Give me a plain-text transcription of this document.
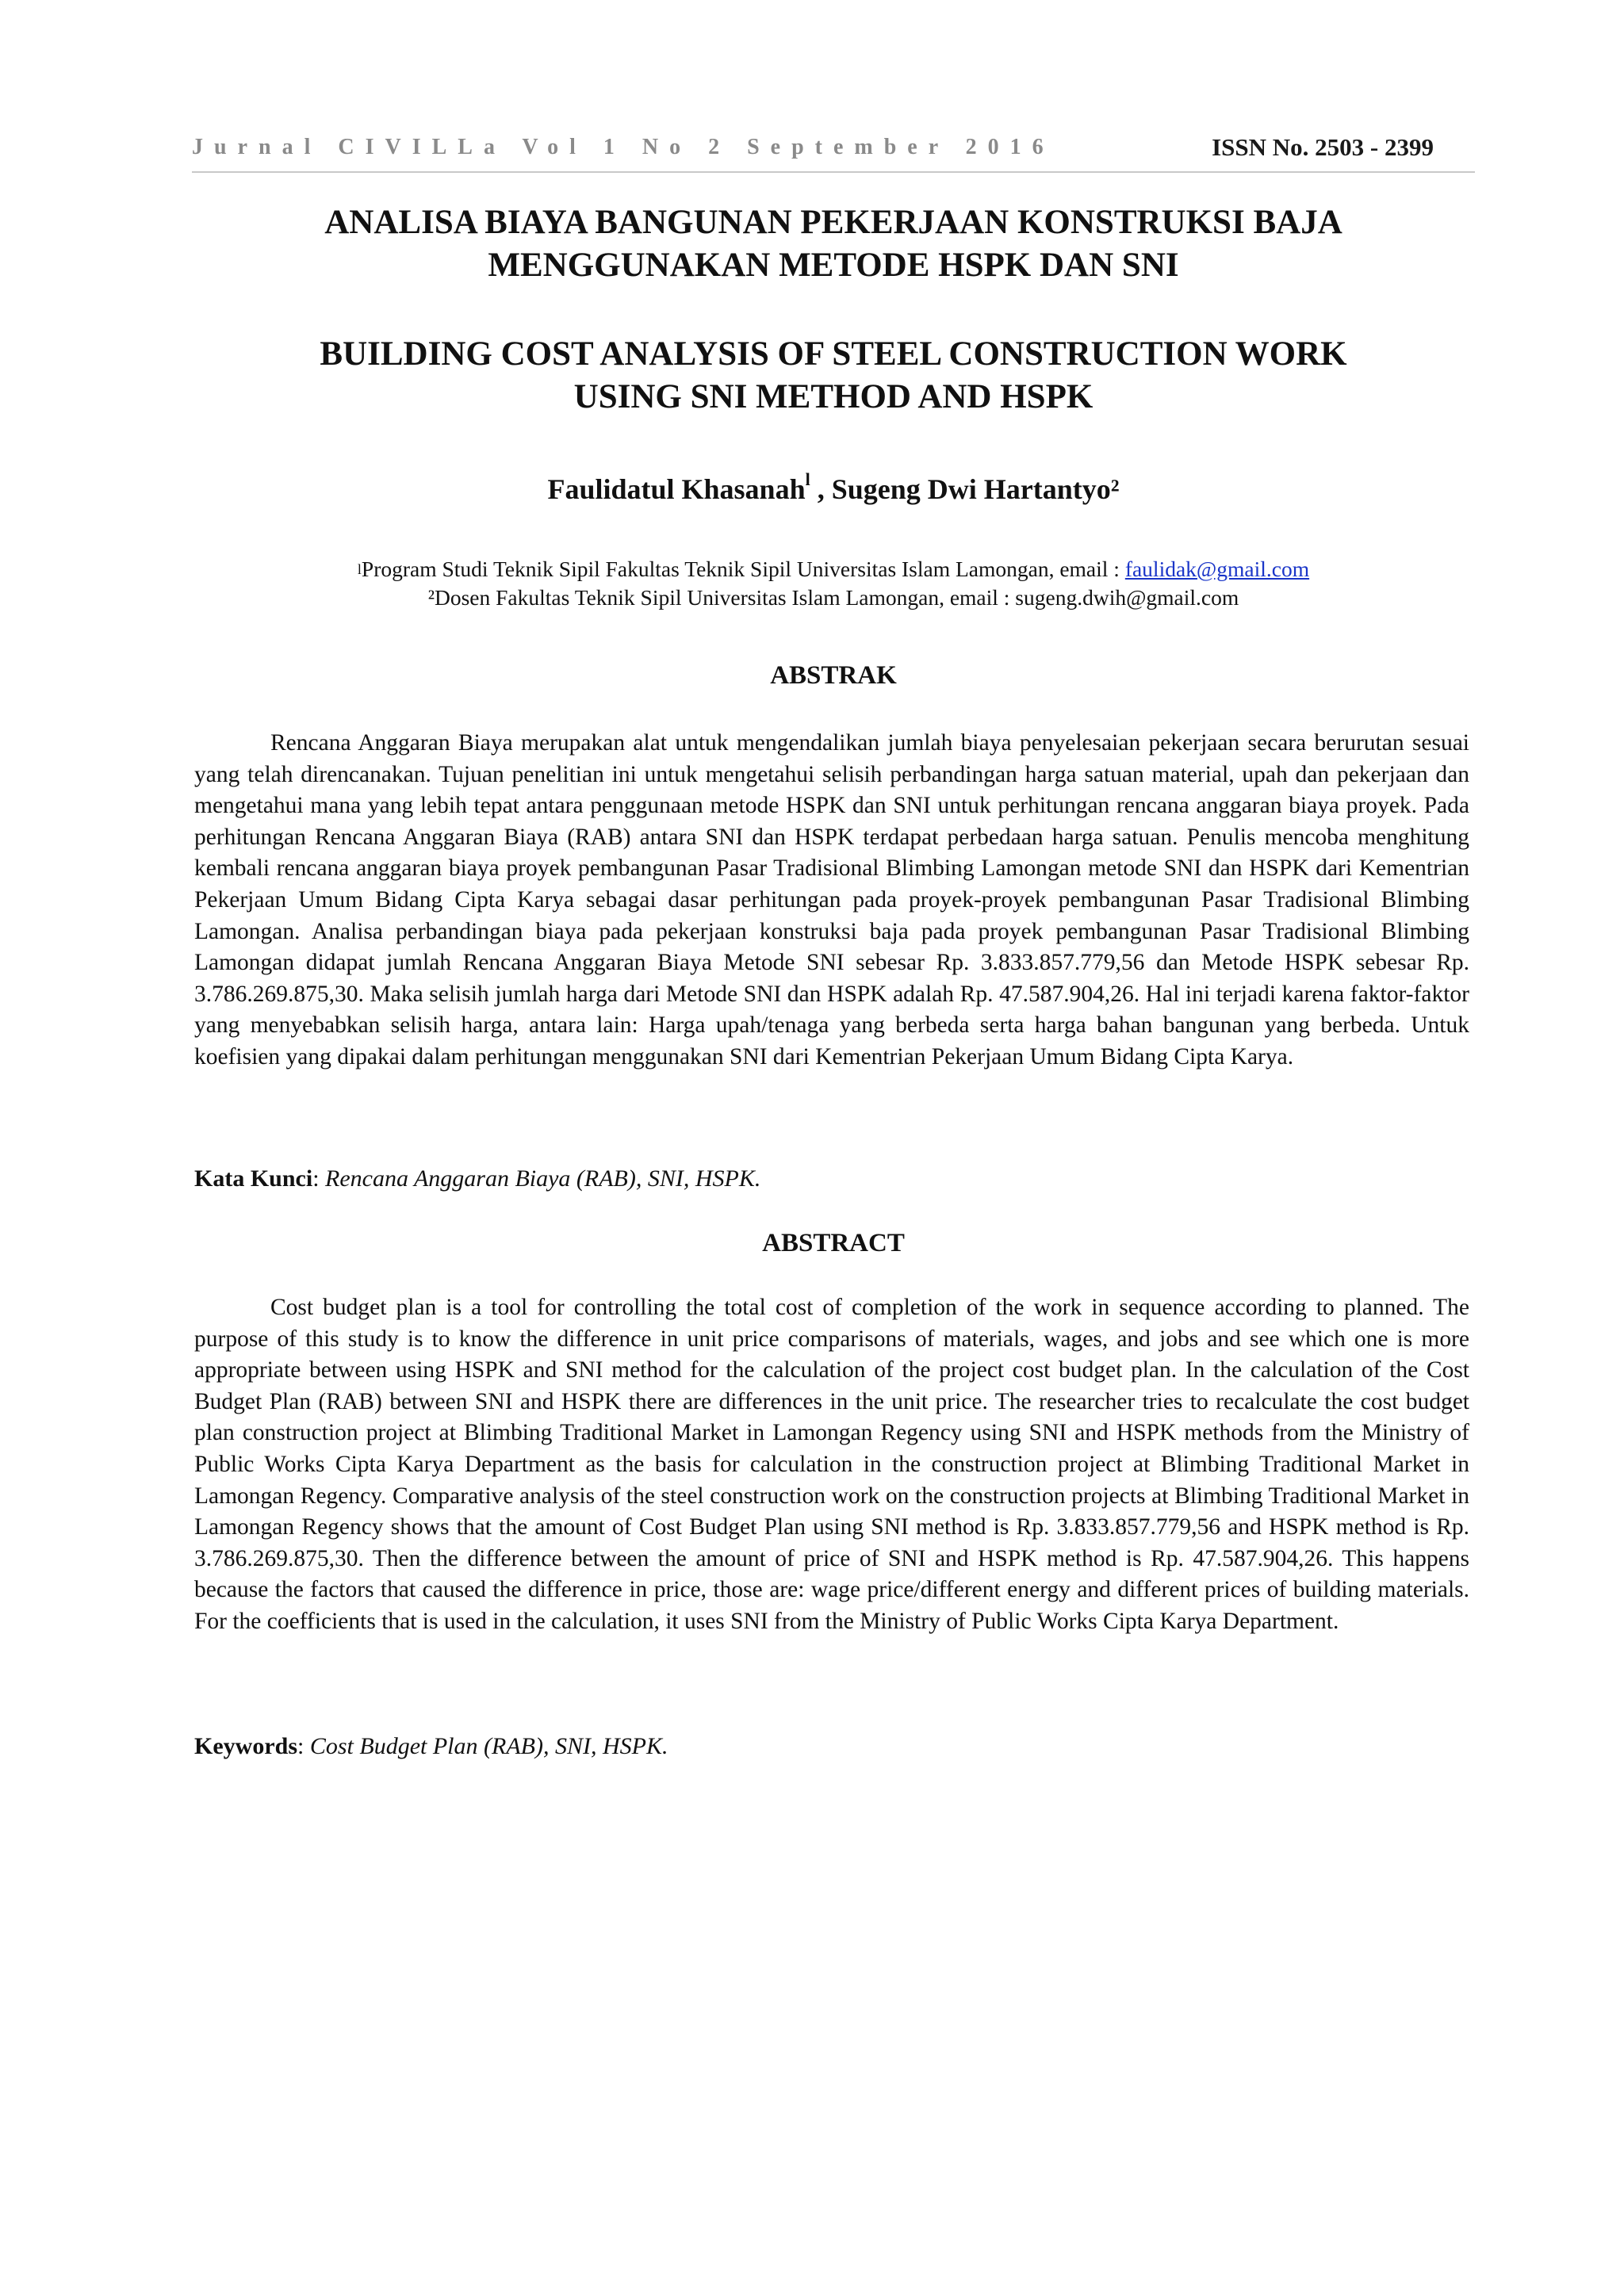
Jurnal CIVILLa Vol 1 No 2 September 2016	ISSN No. 2503 - 2399
ANALISA BIAYA BANGUNAN PEKERJAAN KONSTRUKSI BAJA
MENGGUNAKAN METODE HSPK DAN SNI
BUILDING COST ANALYSIS OF STEEL CONSTRUCTION WORK
USING SNI METHOD AND HSPK
Faulidatul Khasanah$^l$ , Sugeng Dwi Hartantyo²
$^l$Program Studi Teknik Sipil Fakultas Teknik Sipil Universitas Islam Lamongan, email : faulidak@gmail.com
²Dosen Fakultas Teknik Sipil Universitas Islam Lamongan, email : sugeng.dwih@gmail.com
ABSTRAK

Rencana Anggaran Biaya merupakan alat untuk mengendalikan jumlah biaya penyelesaian pekerjaan secara berurutan sesuai yang telah direncanakan. Tujuan penelitian ini untuk mengetahui selisih perbandingan harga satuan material, upah dan pekerjaan dan mengetahui mana yang lebih tepat antara penggunaan metode HSPK dan SNI untuk perhitungan rencana anggaran biaya proyek. Pada perhitungan Rencana Anggaran Biaya (RAB) antara SNI dan HSPK terdapat perbedaan harga satuan. Penulis mencoba menghitung kembali rencana anggaran biaya proyek pembangunan Pasar Tradisional Blimbing Lamongan metode SNI dan HSPK dari Kementrian Pekerjaan Umum Bidang Cipta Karya sebagai dasar perhitungan pada proyek-proyek pembangunan Pasar Tradisional Blimbing Lamongan. Analisa perbandingan biaya pada pekerjaan konstruksi baja pada proyek pembangunan Pasar Tradisional Blimbing Lamongan didapat jumlah Rencana Anggaran Biaya Metode SNI sebesar Rp. 3.833.857.779,56 dan Metode HSPK sebesar Rp. 3.786.269.875,30. Maka selisih jumlah harga dari Metode SNI dan HSPK adalah Rp. 47.587.904,26. Hal ini terjadi karena faktor-faktor yang menyebabkan selisih harga, antara lain: Harga upah/tenaga yang berbeda serta harga bahan bangunan yang berbeda. Untuk koefisien yang dipakai dalam perhitungan menggunakan SNI dari Kementrian Pekerjaan Umum Bidang Cipta Karya.

Kata Kunci: Rencana Anggaran Biaya (RAB), SNI, HSPK.
ABSTRACT

Cost budget plan is a tool for controlling the total cost of completion of the work in sequence according to planned. The purpose of this study is to know the difference in unit price comparisons of materials, wages, and jobs and see which one is more appropriate between using HSPK and SNI method for the calculation of the project cost budget plan. In the calculation of the Cost Budget Plan (RAB) between SNI and HSPK there are differences in the unit price. The researcher tries to recalculate the cost budget plan construction project at Blimbing Traditional Market in Lamongan Regency using SNI and HSPK methods from the Ministry of Public Works Cipta Karya Department as the basis for calculation in the construction project at Blimbing Traditional Market in Lamongan Regency. Comparative analysis of the steel construction work on the construction projects at Blimbing Traditional Market in Lamongan Regency shows that the amount of Cost Budget Plan using SNI method is Rp. 3.833.857.779,56 and HSPK method is Rp. 3.786.269.875,30. Then the difference between the amount of price of SNI and HSPK method is Rp. 47.587.904,26. This happens because the factors that caused the difference in price, those are: wage price/different energy and different prices of building materials. For the coefficients that is used in the calculation, it uses SNI from the Ministry of Public Works Cipta Karya Department.

Keywords: Cost Budget Plan (RAB), SNI, HSPK.
